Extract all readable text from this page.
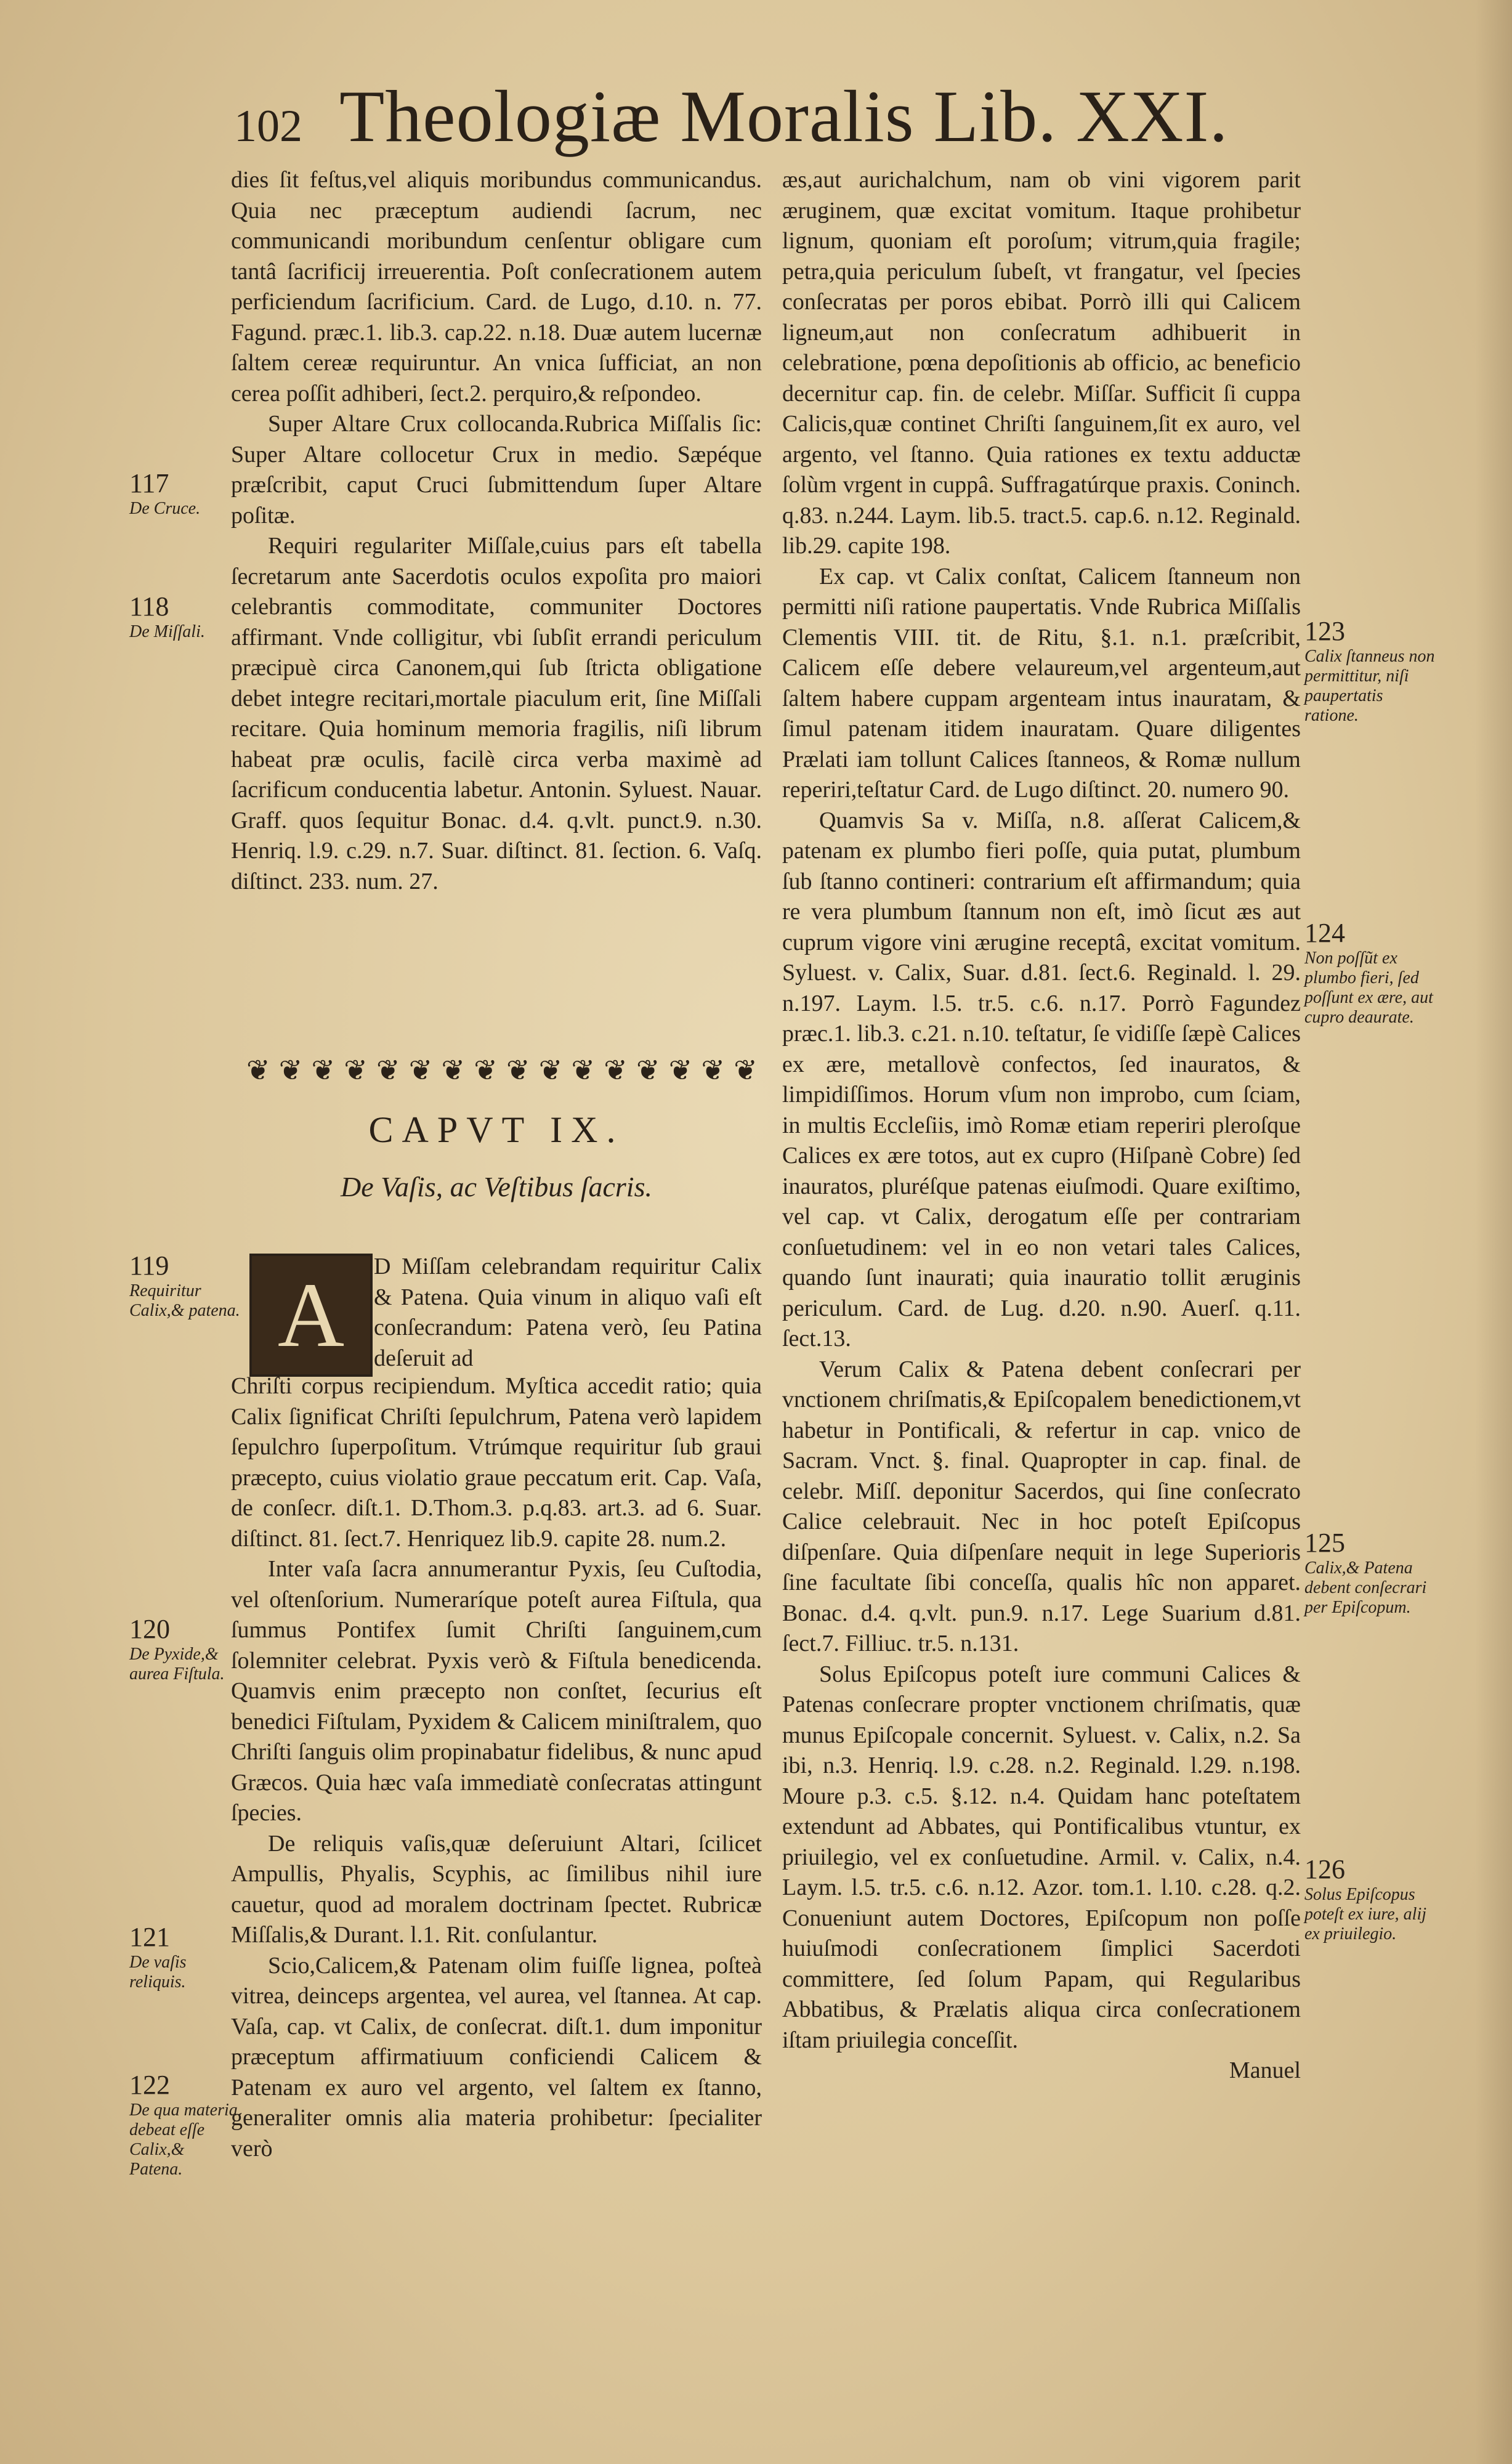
102 Theologiæ Moralis Lib. XXI.

dies ſit feſtus,vel aliquis moribundus communicandus. Quia nec præceptum audiendi ſacrum, nec communicandi moribundum cenſentur obligare cum tantâ ſacrificij irreuerentia. Poſt conſecrationem autem perficiendum ſacrificium. Card. de Lugo, d.10. n. 77. Fagund. præc.1. lib.3. cap.22. n.18. Duæ autem lucernæ ſaltem cereæ requiruntur. An vnica ſufficiat, an non cerea poſſit adhiberi, ſect.2. perquiro,& reſpondeo.

Super Altare Crux collocanda.Rubrica Miſſalis ſic: Super Altare collocetur Crux in medio. Sæpéque præſcribit, caput Cruci ſubmittendum ſuper Altare poſitæ.

Requiri regulariter Miſſale,cuius pars eſt tabella ſecretarum ante Sacerdotis oculos expoſita pro maiori celebrantis commoditate, communiter Doctores affirmant. Vnde colligitur, vbi ſubſit errandi periculum præcipuè circa Canonem,qui ſub ſtricta obligatione debet integre recitari,mortale piaculum erit, ſine Miſſali recitare. Quia hominum memoria fragilis, niſi librum habeat præ oculis, facilè circa verba maximè ad ſacrificum conducentia labetur. Antonin. Syluest. Nauar. Graff. quos ſequitur Bonac. d.4. q.vlt. punct.9. n.30. Henriq. l.9. c.29. n.7. Suar. diſtinct. 81. ſection. 6. Vaſq. diſtinct. 233. num. 27.

❦ ❦ ❦ ❦ ❦ ❦ ❦ ❦ ❦ ❦ ❦ ❦ ❦ ❦ ❦ ❦
CAPVT IX.
De Vaſis, ac Veſtibus ſacris.
A	D Miſſam celebrandam requiritur Calix & Patena. Quia vinum in aliquo vaſi eſt conſecrandum: Patena verò, ſeu Patina deſeruit ad

Chriſti corpus recipiendum. Myſtica accedit ratio; quia Calix ſignificat Chriſti ſepulchrum, Patena verò lapidem ſepulchro ſuperpoſitum. Vtrúmque requiritur ſub graui præcepto, cuius violatio graue peccatum erit. Cap. Vaſa, de conſecr. diſt.1. D.Thom.3. p.q.83. art.3. ad 6. Suar. diſtinct. 81. ſect.7. Henriquez lib.9. capite 28. num.2.

Inter vaſa ſacra annumerantur Pyxis, ſeu Cuſtodia, vel oſtenſorium. Numeraríque poteſt aurea Fiſtula, qua ſummus Pontifex ſumit Chriſti ſanguinem,cum ſolemniter celebrat. Pyxis verò & Fiſtula benedicenda. Quamvis enim præcepto non conſtet, ſecurius eſt benedici Fiſtulam, Pyxidem & Calicem miniſtralem, quo Chriſti ſanguis olim propinabatur fidelibus, & nunc apud Græcos. Quia hæc vaſa immediatè conſecratas attingunt ſpecies.

De reliquis vaſis,quæ deſeruiunt Altari, ſcilicet Ampullis, Phyalis, Scyphis, ac ſimilibus nihil iure cauetur, quod ad moralem doctrinam ſpectet. Rubricæ Miſſalis,& Durant. l.1. Rit. conſulantur.

Scio,Calicem,& Patenam olim fuiſſe lignea, poſteà vitrea, deinceps argentea, vel aurea, vel ſtannea. At cap. Vaſa, cap. vt Calix, de conſecrat. diſt.1. dum imponitur præceptum affirmatiuum conficiendi Calicem & Patenam ex auro vel argento, vel ſaltem ex ſtanno, generaliter omnis alia materia prohibetur: ſpecialiter verò

æs,aut aurichalchum, nam ob vini vigorem parit æruginem, quæ excitat vomitum. Itaque prohibetur lignum, quoniam eſt poroſum; vitrum,quia fragile; petra,quia periculum ſubeſt, vt frangatur, vel ſpecies conſecratas per poros ebibat. Porrò illi qui Calicem ligneum,aut non conſecratum adhibuerit in celebratione, pœna depoſitionis ab officio, ac beneficio decernitur cap. fin. de celebr. Miſſar. Sufficit ſi cuppa Calicis,quæ continet Chriſti ſanguinem,ſit ex auro, vel argento, vel ſtanno. Quia rationes ex textu adductæ ſolùm vrgent in cuppâ. Suffragatúrque praxis. Coninch. q.83. n.244. Laym. lib.5. tract.5. cap.6. n.12. Reginald. lib.29. capite 198.

Ex cap. vt Calix conſtat, Calicem ſtanneum non permitti niſi ratione paupertatis. Vnde Rubrica Miſſalis Clementis VIII. tit. de Ritu, §.1. n.1. præſcribit, Calicem eſſe debere velaureum,vel argenteum,aut ſaltem habere cuppam argenteam intus inauratam, & ſimul patenam itidem inauratam. Quare diligentes Prælati iam tollunt Calices ſtanneos, & Romæ nullum reperiri,teſtatur Card. de Lugo diſtinct. 20. numero 90.

Quamvis Sa v. Miſſa, n.8. aſſerat Calicem,& patenam ex plumbo fieri poſſe, quia putat, plumbum ſub ſtanno contineri: contrarium eſt affirmandum; quia re vera plumbum ſtannum non eſt, imò ſicut æs aut cuprum vigore vini ærugine receptâ, excitat vomitum. Syluest. v. Calix, Suar. d.81. ſect.6. Reginald. l. 29. n.197. Laym. l.5. tr.5. c.6. n.17. Porrò Fagundez præc.1. lib.3. c.21. n.10. teſtatur, ſe vidiſſe ſæpè Calices ex ære, metallovè confectos, ſed inauratos, & limpidiſſimos. Horum vſum non improbo, cum ſciam, in multis Eccleſiis, imò Romæ etiam reperiri pleroſque Calices ex ære totos, aut ex cupro (Hiſpanè Cobre) ſed inauratos, pluréſque patenas eiuſmodi. Quare exiſtimo, vel cap. vt Calix, derogatum eſſe per contrariam conſuetudinem: vel in eo non vetari tales Calices, quando ſunt inaurati; quia inauratio tollit æruginis periculum. Card. de Lug. d.20. n.90. Auerſ. q.11. ſect.13.

Verum Calix & Patena debent conſecrari per vnctionem chriſmatis,& Epiſcopalem benedictionem,vt habetur in Pontificali, & refertur in cap. vnico de Sacram. Vnct. §. final. Quapropter in cap. final. de celebr. Miſſ. deponitur Sacerdos, qui ſine conſecrato Calice celebrauit. Nec in hoc poteſt Epiſcopus diſpenſare. Quia diſpenſare nequit in lege Superioris ſine facultate ſibi conceſſa, qualis hîc non apparet. Bonac. d.4. q.vlt. pun.9. n.17. Lege Suarium d.81. ſect.7. Filliuc. tr.5. n.131.

Solus Epiſcopus poteſt iure communi Calices & Patenas conſecrare propter vnctionem chriſmatis, quæ munus Epiſcopale concernit. Syluest. v. Calix, n.2. Sa ibi, n.3. Henriq. l.9. c.28. n.2. Reginald. l.29. n.198. Moure p.3. c.5. §.12. n.4. Quidam hanc poteſtatem extendunt ad Abbates, qui Pontificalibus vtuntur, ex priuilegio, vel ex conſuetudine. Armil. v. Calix, n.4. Laym. l.5. tr.5. c.6. n.12. Azor. tom.1. l.10. c.28. q.2. Conueniunt autem Doctores, Epiſcopum non poſſe huiuſmodi conſecrationem ſimplici Sacerdoti committere, ſed ſolum Papam, qui Regularibus Abbatibus, & Prælatis aliqua circa conſecrationem iſtam priuilegia conceſſit.

Manuel

117
De Cruce.
118
De Miſſali.
119
Requiritur Calix,& patena.
120
De Pyxide,& aurea Fiſtula.
121
De vaſis reliquis.
122
De qua materia debeat eſſe Calix,& Patena.
123
Calix ſtanneus non permittitur, niſi paupertatis ratione.
124
Non poſſũt ex plumbo fieri, ſed poſſunt ex ære, aut cupro deaurate.
125
Calix,& Patena debent conſecrari per Epiſcopum.
126
Solus Epiſcopus poteſt ex iure, alij ex priuilegio.
